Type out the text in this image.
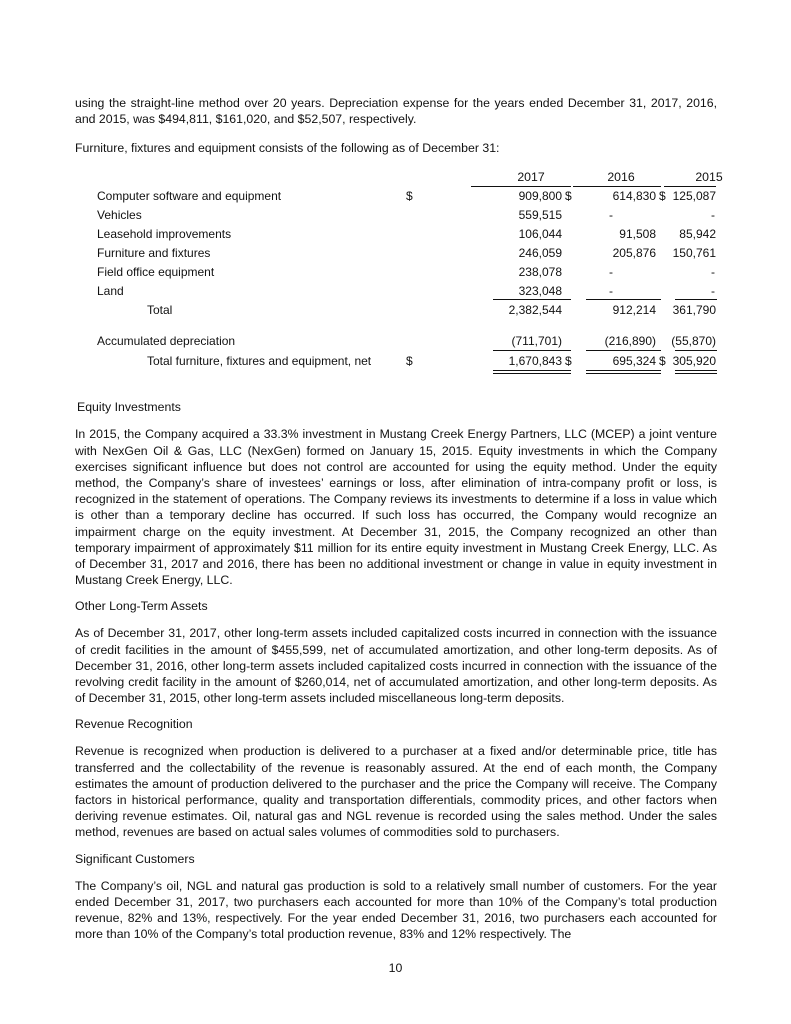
using the straight-line method over 20 years. Depreciation expense for the years ended December 31, 2017, 2016, and 2015, was $494,811, $161,020, and $52,507, respectively.

Furniture, fixtures and equipment consists of the following as of December 31:

2017	2016	2015
Computer software and equipment	$	909,800 $	614,830 $ 125,087
Vehicles	559,515	-	-
Leasehold improvements	106,044	91,508	85,942
Furniture and fixtures	246,059	205,876 150,761
Field office equipment	238,078	-	-
Land	323,048	-	-
Total	2,382,544	912,214 361,790
Accumulated depreciation	(711,701)	(216,890) (55,870)
Total furniture, fixtures and equipment, net	$	1,670,843 $	695,324 $ 305,920

Equity Investments

In 2015, the Company acquired a 33.3% investment in Mustang Creek Energy Partners, LLC (MCEP) a joint venture with NexGen Oil & Gas, LLC (NexGen) formed on January 15, 2015. Equity investments in which the Company exercises significant influence but does not control are accounted for using the equity method. Under the equity method, the Company’s share of investees’ earnings or loss, after elimination of intra-company profit or loss, is recognized in the statement of operations. The Company reviews its investments to determine if a loss in value which is other than a temporary decline has occurred. If such loss has occurred, the Company would recognize an impairment charge on the equity investment. At December 31, 2015, the Company recognized an other than temporary impairment of approximately $11 million for its entire equity investment in Mustang Creek Energy, LLC. As of December 31, 2017 and 2016, there has been no additional investment or change in value in equity investment in Mustang Creek Energy, LLC.

Other Long-Term Assets

As of December 31, 2017, other long-term assets included capitalized costs incurred in connection with the issuance of credit facilities in the amount of $455,599, net of accumulated amortization, and other long-term deposits. As of December 31, 2016, other long-term assets included capitalized costs incurred in connection with the issuance of the revolving credit facility in the amount of $260,014, net of accumulated amortization, and other long-term deposits. As of December 31, 2015, other long-term assets included miscellaneous long-term deposits.

Revenue Recognition

Revenue is recognized when production is delivered to a purchaser at a fixed and/or determinable price, title has transferred and the collectability of the revenue is reasonably assured. At the end of each month, the Company estimates the amount of production delivered to the purchaser and the price the Company will receive. The Company factors in historical performance, quality and transportation differentials, commodity prices, and other factors when deriving revenue estimates. Oil, natural gas and NGL revenue is recorded using the sales method. Under the sales method, revenues are based on actual sales volumes of commodities sold to purchasers.

Significant Customers

The Company’s oil, NGL and natural gas production is sold to a relatively small number of customers. For the year ended December 31, 2017, two purchasers each accounted for more than 10% of the Company’s total production revenue, 82% and 13%, respectively. For the year ended December 31, 2016, two purchasers each accounted for more than 10% of the Company’s total production revenue, 83% and 12% respectively. The

10
